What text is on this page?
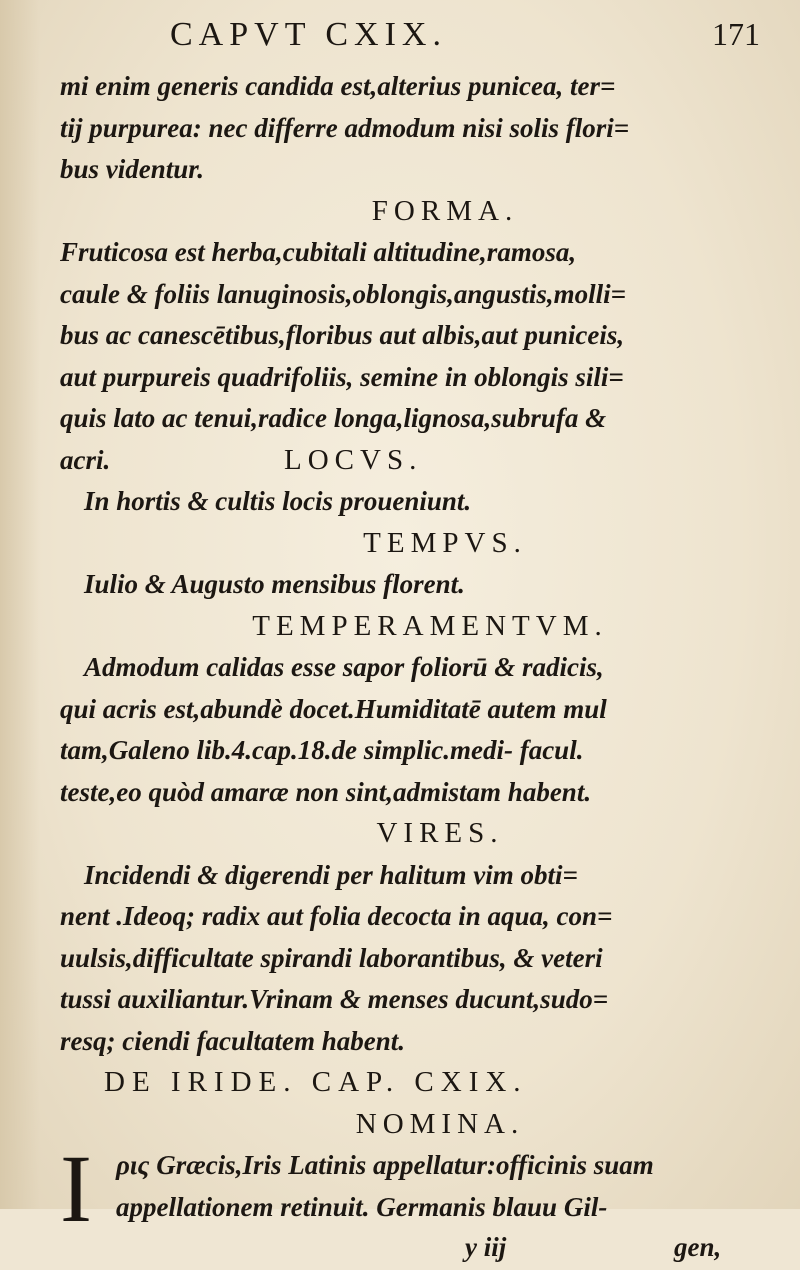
CAPVT CXIX.	171
mi enim generis candida est,alterius punicea, ter=
tij purpurea: nec differre admodum nisi solis flori=
bus videntur.
FORMA.
Fruticosa est herba,cubitali altitudine,ramosa,
caule & foliis lanuginosis,oblongis,angustis,molli=
bus ac canescētibus,floribus aut albis,aut puniceis,
aut purpureis quadrifoliis, semine in oblongis sili=
quis lato ac tenui,radice longa,lignosa,subrufa &
acri.	LOCVS.
In hortis & cultis locis proueniunt.
TEMPVS.
Iulio & Augusto mensibus florent.
TEMPERAMENTVM.
Admodum calidas esse sapor foliorū & radicis,
qui acris est,abundè docet.Humiditatē autem mul
tam,Galeno lib.4.cap.18.de simplic.medi- facul.
teste,eo quòd amaræ non sint,admistam habent.
VIRES.
Incidendi & digerendi per halitum vim obti=
nent .Ideoq; radix aut folia decocta in aqua, con=
uulsis,difficultate spirandi laborantibus, & veteri
tussi auxiliantur.Vrinam & menses ducunt,sudo=
resq; ciendi facultatem habent.
DE IRIDE. CAP. CXIX.
NOMINA.
I ρις Græcis,Iris Latinis appellatur:officinis suam
appellationem retinuit. Germanis blauu Gil-
y iij	gen,
